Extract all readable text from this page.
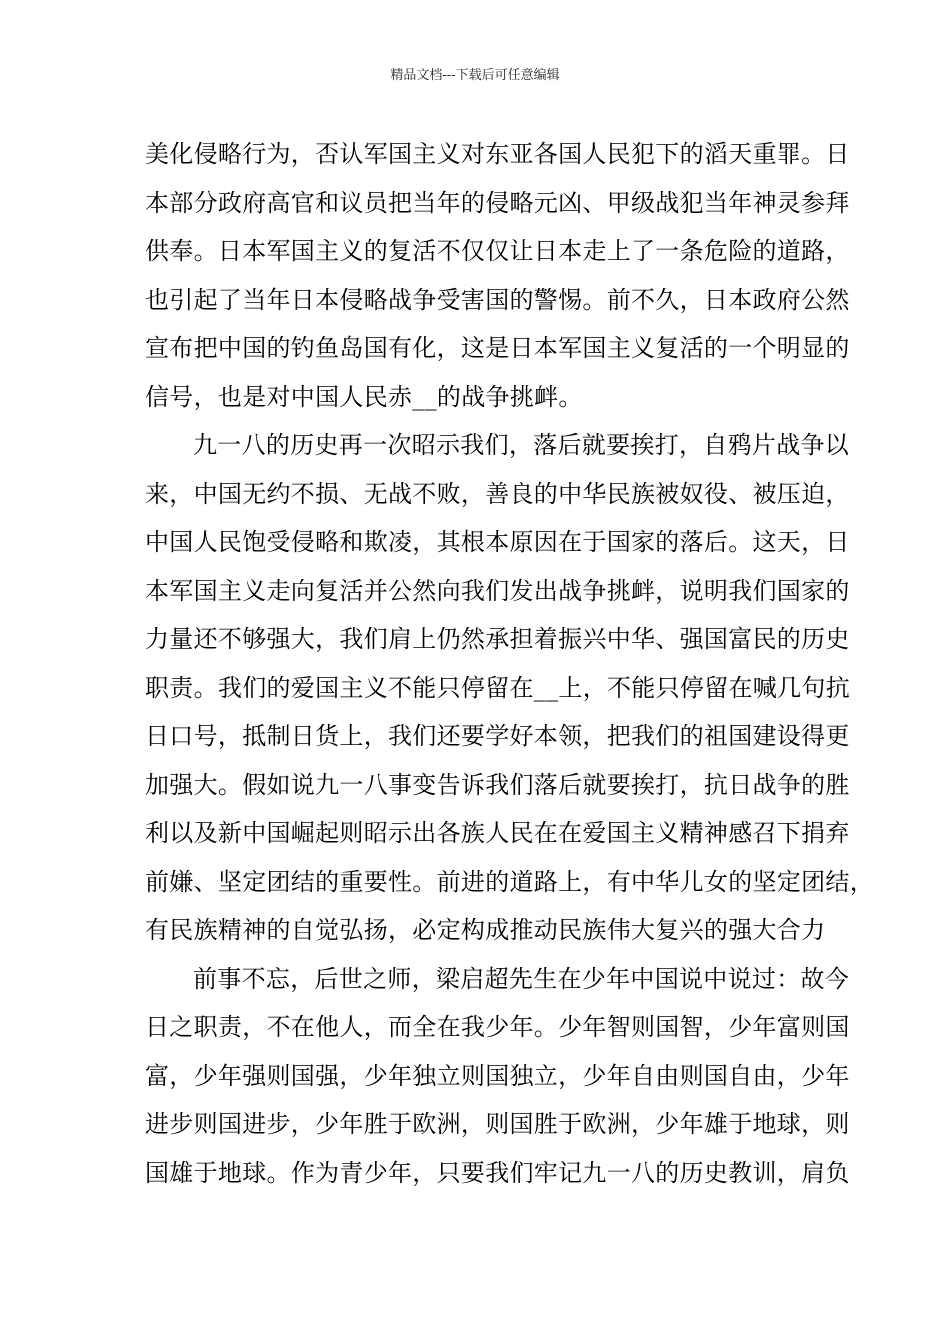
精品文档---下载后可任意编辑
美化侵略行为，否认军国主义对东亚各国人民犯下的滔天重罪。日
本部分政府高官和议员把当年的侵略元凶、甲级战犯当年神灵参拜
供奉。日本军国主义的复活不仅仅让日本走上了一条危险的道路，
也引起了当年日本侵略战争受害国的警惕。前不久，日本政府公然
宣布把中国的钓鱼岛国有化，这是日本军国主义复活的一个明显的
信号，也是对中国人民赤__的战争挑衅。
九一八的历史再一次昭示我们，落后就要挨打，自鸦片战争以
来，中国无约不损、无战不败，善良的中华民族被奴役、被压迫，
中国人民饱受侵略和欺凌，其根本原因在于国家的落后。这天，日
本军国主义走向复活并公然向我们发出战争挑衅，说明我们国家的
力量还不够强大，我们肩上仍然承担着振兴中华、强国富民的历史
职责。我们的爱国主义不能只停留在__上，不能只停留在喊几句抗
日口号，抵制日货上，我们还要学好本领，把我们的祖国建设得更
加强大。假如说九一八事变告诉我们落后就要挨打，抗日战争的胜
利以及新中国崛起则昭示出各族人民在在爱国主义精神感召下捐弃
前嫌、坚定团结的重要性。前进的道路上，有中华儿女的坚定团结，
有民族精神的自觉弘扬，必定构成推动民族伟大复兴的强大合力
前事不忘，后世之师，梁启超先生在少年中国说中说过：故今
日之职责，不在他人，而全在我少年。少年智则国智，少年富则国
富，少年强则国强，少年独立则国独立，少年自由则国自由，少年
进步则国进步，少年胜于欧洲，则国胜于欧洲，少年雄于地球，则
国雄于地球。作为青少年，只要我们牢记九一八的历史教训，肩负
